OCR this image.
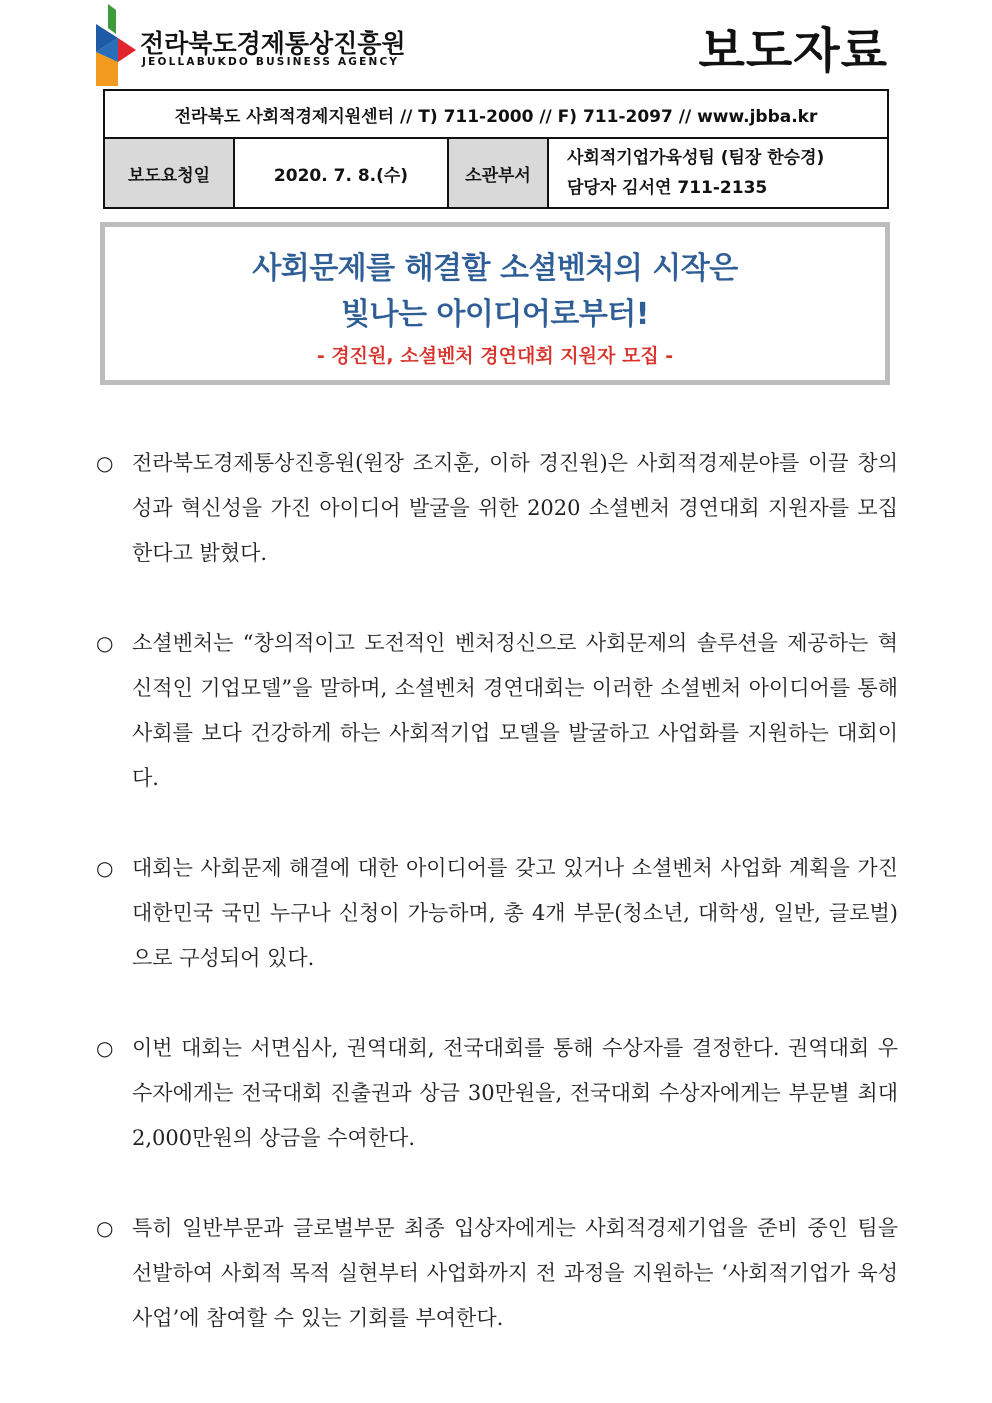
전라북도경제통상진흥원
JEOLLABUKDO BUSINESS AGENCY	보도자료
전라북도 사회적경제지원센터 // T) 711-2000 // F) 711-2097 // www.jbba.kr
보도요청일	2020. 7. 8.(수)	소관부서	
사회적기업가육성팀 (팀장 한승경)
담당자 김서연 711-2135
사회문제를 해결할 소셜벤처의 시작은
빛나는 아이디어로부터!
- 경진원, 소셜벤처 경연대회 지원자 모집 -
○ 전라북도경제통상진흥원(원장 조지훈, 이하 경진원)은 사회적경제분야를 이끌 창의성과 혁신성을 가진 아이디어 발굴을 위한 2020 소셜벤처 경연대회 지원자를 모집한다고 밝혔다.
○ 소셜벤처는 “창의적이고 도전적인 벤처정신으로 사회문제의 솔루션을 제공하는 혁신적인 기업모델”을 말하며, 소셜벤처 경연대회는 이러한 소셜벤처 아이디어를 통해 사회를 보다 건강하게 하는 사회적기업 모델을 발굴하고 사업화를 지원하는 대회이다.
○ 대회는 사회문제 해결에 대한 아이디어를 갖고 있거나 소셜벤처 사업화 계획을 가진 대한민국 국민 누구나 신청이 가능하며, 총 4개 부문(청소년, 대학생, 일반, 글로벌)으로 구성되어 있다.
○ 이번 대회는 서면심사, 권역대회, 전국대회를 통해 수상자를 결정한다. 권역대회 우수자에게는 전국대회 진출권과 상금 30만원을, 전국대회 수상자에게는 부문별 최대 2,000만원의 상금을 수여한다.
○ 특히 일반부문과 글로벌부문 최종 입상자에게는 사회적경제기업을 준비 중인 팀을 선발하여 사회적 목적 실현부터 사업화까지 전 과정을 지원하는 ‘사회적기업가 육성사업’에 참여할 수 있는 기회를 부여한다.
